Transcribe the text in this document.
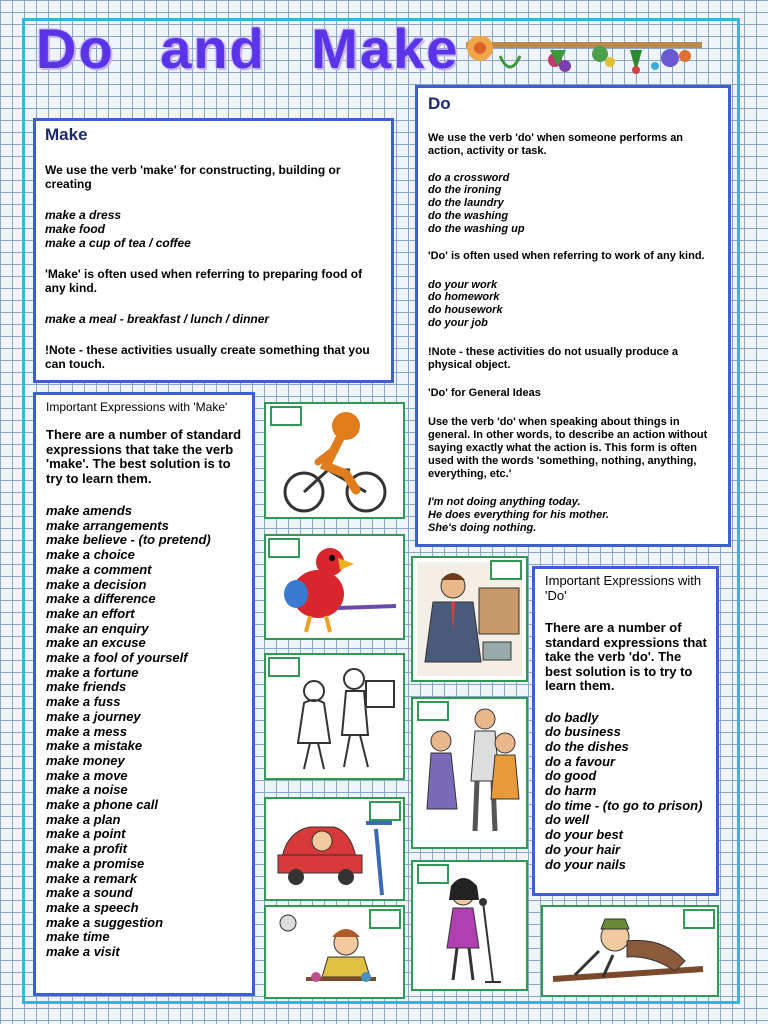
Do and Make
Make

We use the verb 'make' for constructing, building or creating

make a dress
make food
make a cup of tea / coffee

'Make' is often used when referring to preparing food of any kind.

make a meal - breakfast / lunch / dinner

!Note - these activities usually create something that you can touch.

Do

We use the verb 'do' when someone performs an action, activity or task.

do a crossword
do the ironing
do the laundry
do the washing
do the washing up

'Do' is often used when referring to work of any kind.

do your work
do homework
do housework
do your job

!Note - these activities do not usually produce a physical object.

'Do' for General Ideas

Use the verb 'do' when speaking about things in general. In other words, to describe an action without saying exactly what the action is. This form is often used with the words 'something, nothing, anything, everything, etc.'

I'm not doing anything today.
He does everything for his mother.
She's doing nothing.

Important Expressions with 'Make'

There are a number of standard expressions that take the verb 'make'. The best solution is to try to learn them.

make amends
make arrangements
make believe - (to pretend)
make a choice
make a comment
make a decision
make a difference
make an effort
make an enquiry
make an excuse
make a fool of yourself
make a fortune
make friends
make a fuss
make a journey
make a mess
make a mistake
make money
make a move
make a noise
make a phone call
make a plan
make a point
make a profit
make a promise
make a remark
make a sound
make a speech
make a suggestion
make time
make a visit

Important Expressions with 'Do'

There are a number of standard expressions that take the verb 'do'. The best solution is to try to learn them.

do badly
do business
do the dishes
do a favour
do good
do harm
do time - (to go to prison)
do well
do your best
do your hair
do your nails
